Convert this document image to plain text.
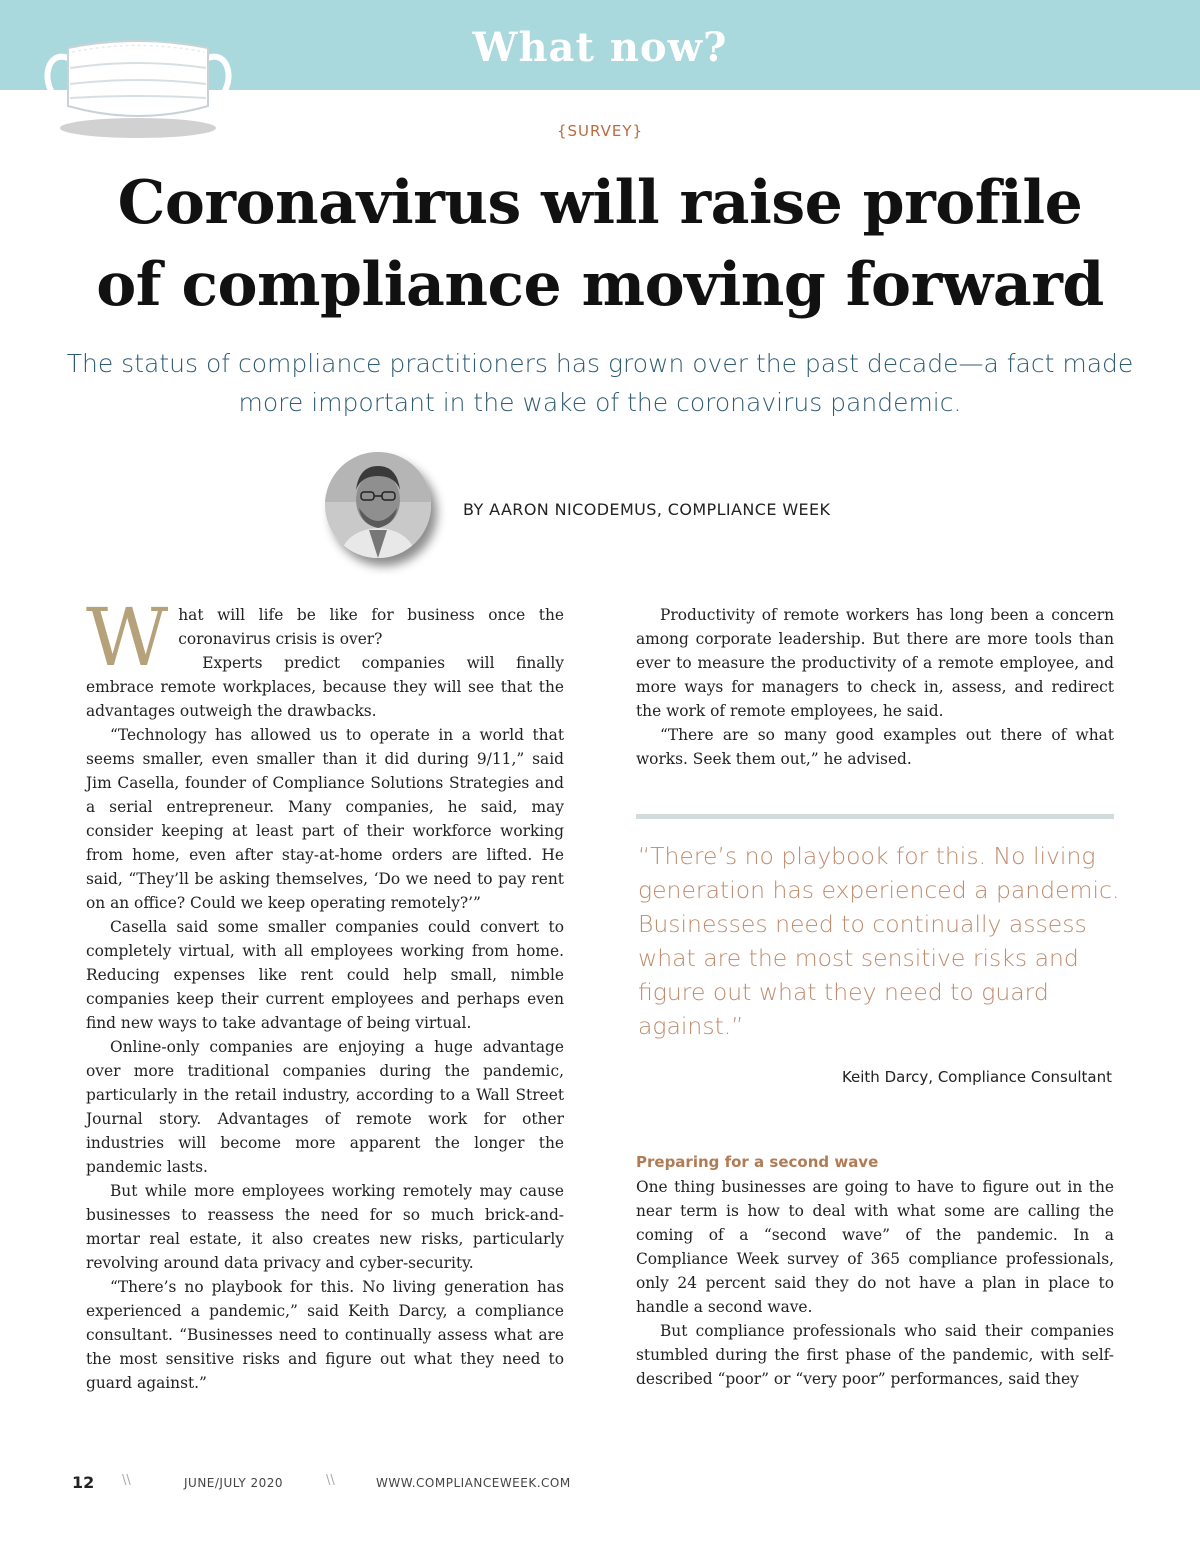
What now?
{SURVEY}
Coronavirus will raise profile
of compliance moving forward
The status of compliance practitioners has grown over the past decade—a fact made more important in the wake of the coronavirus pandemic.
BY AARON NICODEMUS, COMPLIANCE WEEK
W hat will life be like for business once the coronavirus crisis is over?

Experts predict companies will finally embrace remote workplaces, because they will see that the advantages outweigh the drawbacks.

“Technology has allowed us to operate in a world that seems smaller, even smaller than it did during 9/11,” said Jim Casella, founder of Compliance Solutions Strategies and a serial entrepreneur. Many companies, he said, may consider keeping at least part of their workforce working from home, even after stay-at-home orders are lifted. He said, “They’ll be asking themselves, ‘Do we need to pay rent on an office? Could we keep operating remotely?’”

Casella said some smaller companies could convert to completely virtual, with all employees working from home. Reducing expenses like rent could help small, nimble companies keep their current employees and perhaps even find new ways to take advantage of being virtual.

Online-only companies are enjoying a huge advantage over more traditional companies during the pandemic, particularly in the retail industry, according to a Wall Street Journal story. Advantages of remote work for other industries will become more apparent the longer the pandemic lasts.

But while more employees working remotely may cause businesses to reassess the need for so much brick-and-mortar real estate, it also creates new risks, particularly revolving around data privacy and cyber-security.

“There’s no playbook for this. No living generation has experienced a pandemic,” said Keith Darcy, a compliance consultant. “Businesses need to continually assess what are the most sensitive risks and figure out what they need to guard against.”

Productivity of remote workers has long been a concern among corporate leadership. But there are more tools than ever to measure the productivity of a remote employee, and more ways for managers to check in, assess, and redirect the work of remote employees, he said.

“There are so many good examples out there of what works. Seek them out,” he advised.

“There’s no playbook for this. No living generation has experienced a pandemic. Businesses need to continually assess what are the most sensitive risks and figure out what they need to guard against.”
Keith Darcy, Compliance Consultant
Preparing for a second wave

One thing businesses are going to have to figure out in the near term is how to deal with what some are calling the coming of a “second wave” of the pandemic. In a Compliance Week survey of 365 compliance professionals, only 24 percent said they do not have a plan in place to handle a second wave.

But compliance professionals who said their companies stumbled during the first phase of the pandemic, with self-described “poor” or “very poor” performances, said they

12 \\	JUNE/JULY 2020	\\	WWW.COMPLIANCEWEEK.COM
